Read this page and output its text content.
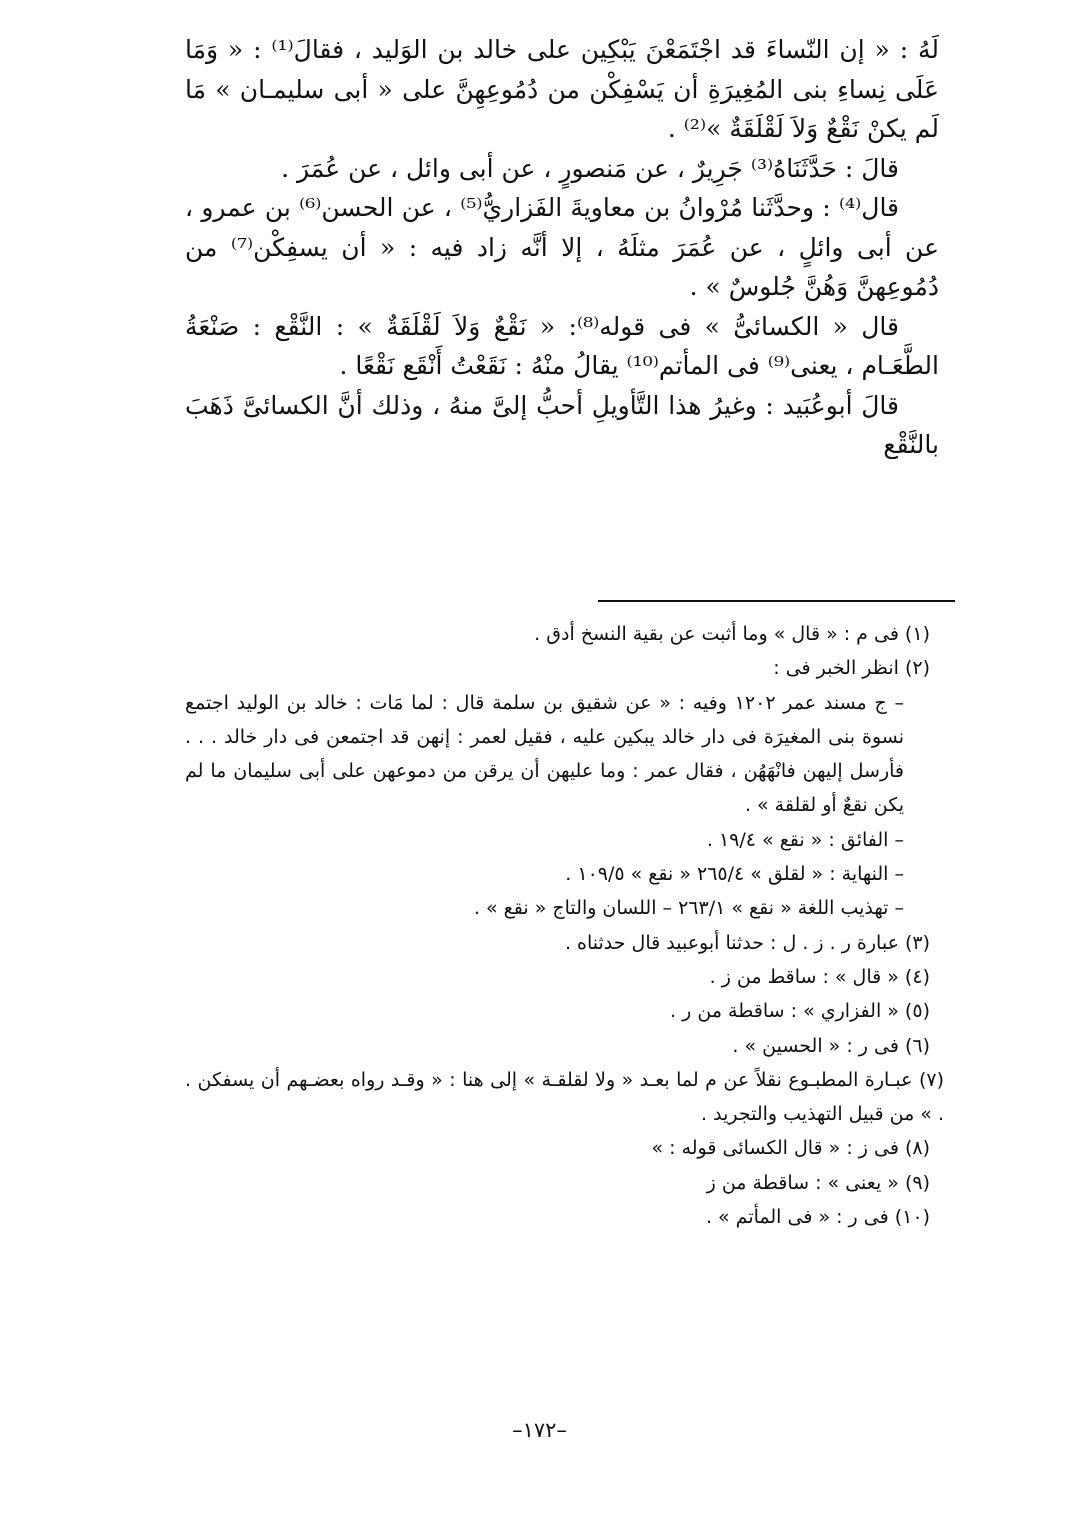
لَهُ : « إن النّساءَ قد اجْتَمَعْنَ يَبْكِين على خالد بن الوَليد ، فقالَ⁽¹⁾ : « وَمَا عَلَى نِساءِ بنى المُغِيرَةِ أن يَسْفِكْن من دُمُوعِهِنَّ على « أبى سليمـان » مَا لَم يكنْ نَقْعٌ وَلاَ لَقْلَقَةٌ »⁽²⁾ .

قالَ : حَدَّثَنَاهُ⁽³⁾ جَرِيرٌ ، عن مَنصورٍ ، عن أبى وائل ، عن عُمَرَ .

قال⁽⁴⁾ : وحدَّثَنا مُرْوانُ بن معاويةَ الفَزاريُّ⁽⁵⁾ ، عن الحسن⁽⁶⁾ بن عمرو ، عن أبى وائلٍ ، عن عُمَرَ مثلَهُ ، إلا أنَّه زاد فيه : « أن يسفِكْن⁽⁷⁾ من دُمُوعِهنَّ وَهُنَّ جُلوسٌ » .

قال « الكسائىُّ » فى قوله⁽⁸⁾: « نَقْعٌ وَلاَ لَقْلَقَةٌ » : النَّقْع : صَنْعَةُ الطَّعَـام ، يعنى⁽⁹⁾ فى المأتم⁽¹⁰⁾ يقالُ منْهُ : نَقَعْتُ أَنْقَع نَقْعًا .

قالَ أبوعُبَيد : وغيرُ هذا التَّأويلِ أحبُّ إلىَّ منهُ ، وذلك أنَّ الكسائىَّ ذَهَبَ بالنَّقْع

(١) فى م : « قال » وما أثبت عن بقية النسخ أدق .

(٢) انظر الخبر فى :

– ج مسند عمر ١٢٠٢ وفيه : « عن شقيق بن سلمة قال : لما مَات : خالد بن الوليد اجتمع نسوة بنى المغيرَة فى دار خالد يبكين عليه ، فقيل لعمر : إنهن قد اجتمعن فى دار خالد . . . فأرسل إليهن فانْهَهُن ، فقال عمر : وما عليهن أن يرقن من دموعهن على أبى سليمان ما لم يكن نقعٌ أو لقلقة » .

– الفائق : « نقع » ١٩/٤ .

– النهاية : « لقلق » ٢٦٥/٤ « نقع » ١٠٩/٥ .

– تهذيب اللغة « نقع » ٢٦٣/١ – اللسان والتاج « نقع » .

(٣) عبارة ر . ز . ل : حدثنا أبوعبيد قال حدثناه .

(٤) « قال » : ساقط من ز .

(٥) « الفزاري » : ساقطة من ر .

(٦) فى ر : « الحسين » .

(٧) عبـارة المطبـوع نقلاً عن م لما بعـد « ولا لقلقـة » إلى هنا : « وقـد رواه بعضـهم أن يسفكن . . » من قبيل التهذيب والتجريد .

(٨) فى ز : « قال الكسائى قوله : »

(٩) « يعنى » : ساقطة من ز

(١٠) فى ر : « فى المأتم » .

–١٧٢–
